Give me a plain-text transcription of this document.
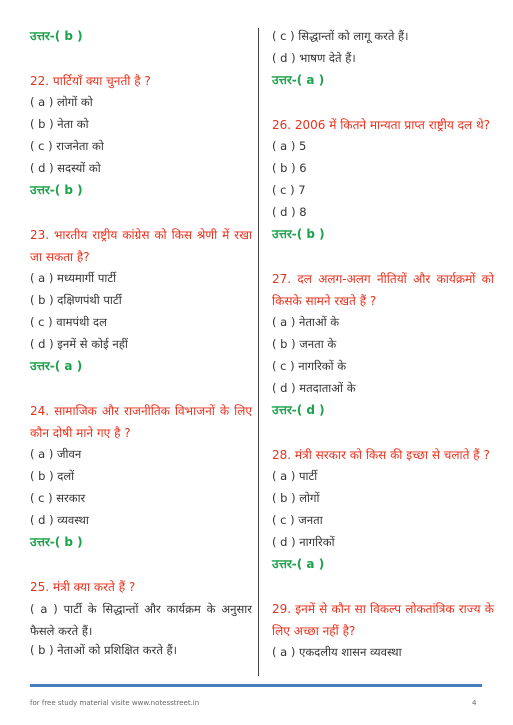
उत्तर-( b )

22. पार्टियाँ क्या चुनती है ?

( a ) लोगों को

( b ) नेता को

( c ) राजनेता को

( d ) सदस्यों को

उत्तर-( b )

23. भारतीय राष्ट्रीय कांग्रेस को किस श्रेणी में रखा जा सकता है?

( a ) मध्यमार्गी पार्टी

( b ) दक्षिणपंथी पार्टी

( c ) वामपंथी दल

( d ) इनमें से कोई नहीं

उत्तर-( a )

24. सामाजिक और राजनीतिक विभाजनों के लिए कौन दोषी माने गए है ?

( a ) जीवन

( b ) दलों

( c ) सरकार

( d ) व्यवस्था

उत्तर-( b )

25. मंत्री क्या करते हैं ?

( a ) पार्टी के सिद्धान्तों और कार्यक्रम के अनुसार फैसले करते हैं।

( b ) नेताओं को प्रशिक्षित करते हैं।

( c ) सिद्धान्तों को लागू करते हैं।

( d ) भाषण देते हैं।

उत्तर-( a )

26. 2006 में कितने मान्यता प्राप्त राष्ट्रीय दल थे?

( a ) 5

( b ) 6

( c ) 7

( d ) 8

उत्तर-( b )

27. दल अलग-अलग नीतियों और कार्यक्रमों को किसके सामने रखते हैं ?

( a ) नेताओं के

( b ) जनता के

( c ) नागरिकों के

( d ) मतदाताओं के

उत्तर-( d )

28. मंत्री सरकार को किस की इच्छा से चलाते हैं ?

( a ) पार्टी

( b ) लोगों

( c ) जनता

( d ) नागरिकों

उत्तर-( a )

29. इनमें से कौन सा विकल्प लोकतांत्रिक राज्य के लिए अच्छा नहीं है?

( a ) एकदलीय शासन व्यवस्था

for free study material visite www.notesstreet.in	4
